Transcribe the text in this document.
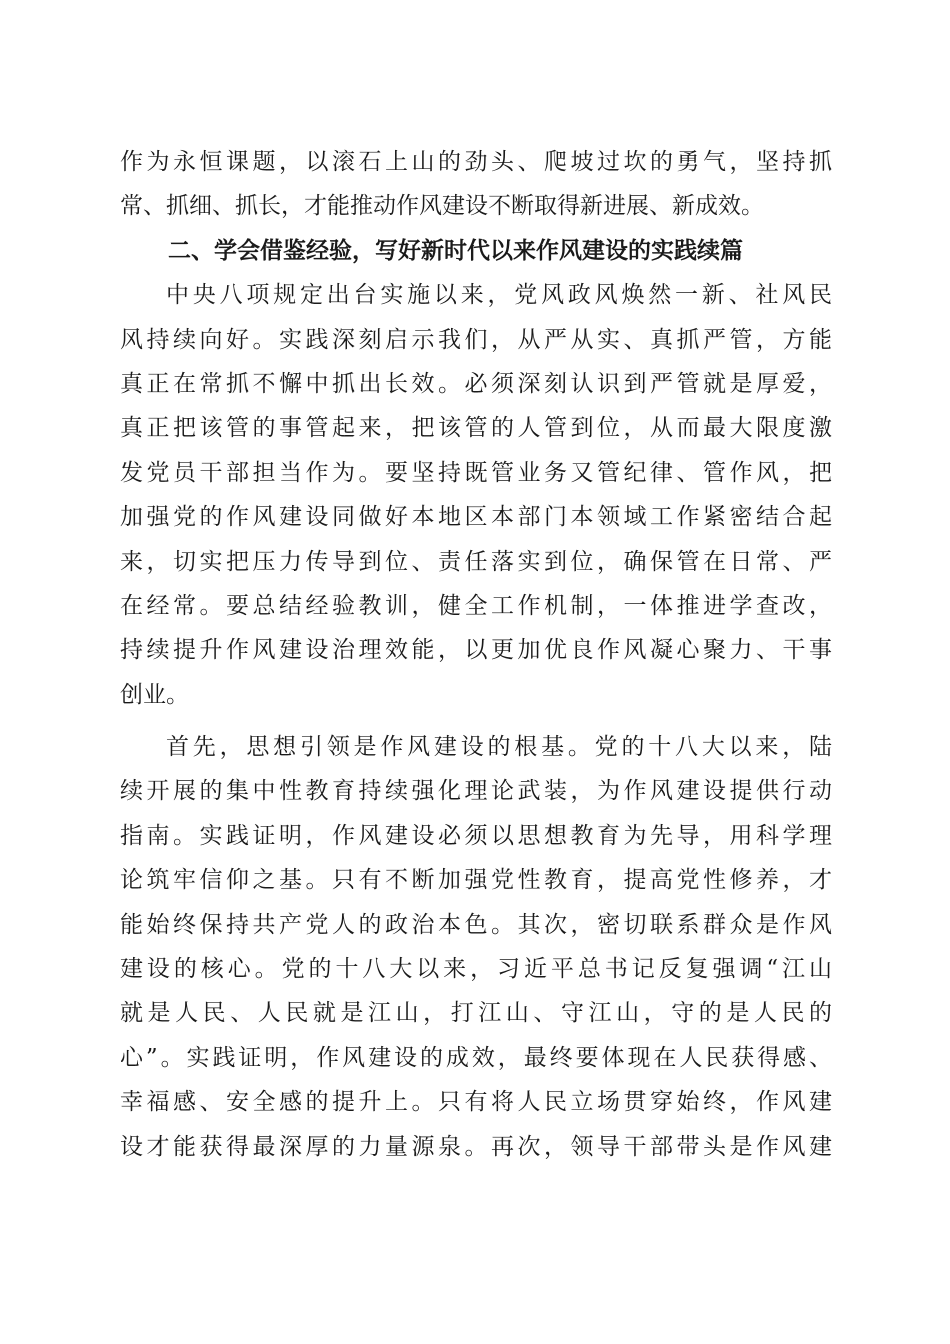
作为永恒课题，以滚石上山的劲头、爬坡过坎的勇气，坚持抓
常、抓细、抓长，才能推动作风建设不断取得新进展、新成效。
二、学会借鉴经验，写好新时代以来作风建设的实践续篇
中央八项规定出台实施以来，党风政风焕然一新、社风民
风持续向好。实践深刻启示我们，从严从实、真抓严管，方能
真正在常抓不懈中抓出长效。必须深刻认识到严管就是厚爱，
真正把该管的事管起来，把该管的人管到位，从而最大限度激
发党员干部担当作为。要坚持既管业务又管纪律、管作风，把
加强党的作风建设同做好本地区本部门本领域工作紧密结合起
来，切实把压力传导到位、责任落实到位，确保管在日常、严
在经常。要总结经验教训，健全工作机制，一体推进学查改，
持续提升作风建设治理效能，以更加优良作风凝心聚力、干事
创业。
首先，思想引领是作风建设的根基。党的十八大以来，陆
续开展的集中性教育持续强化理论武装，为作风建设提供行动
指南。实践证明，作风建设必须以思想教育为先导，用科学理
论筑牢信仰之基。只有不断加强党性教育，提高党性修养，才
能始终保持共产党人的政治本色。其次，密切联系群众是作风
建设的核心。党的十八大以来，习近平总书记反复强调“江山
就是人民、人民就是江山，打江山、守江山，守的是人民的
心”。实践证明，作风建设的成效，最终要体现在人民获得感、
幸福感、安全感的提升上。只有将人民立场贯穿始终，作风建
设才能获得最深厚的力量源泉。再次，领导干部带头是作风建
